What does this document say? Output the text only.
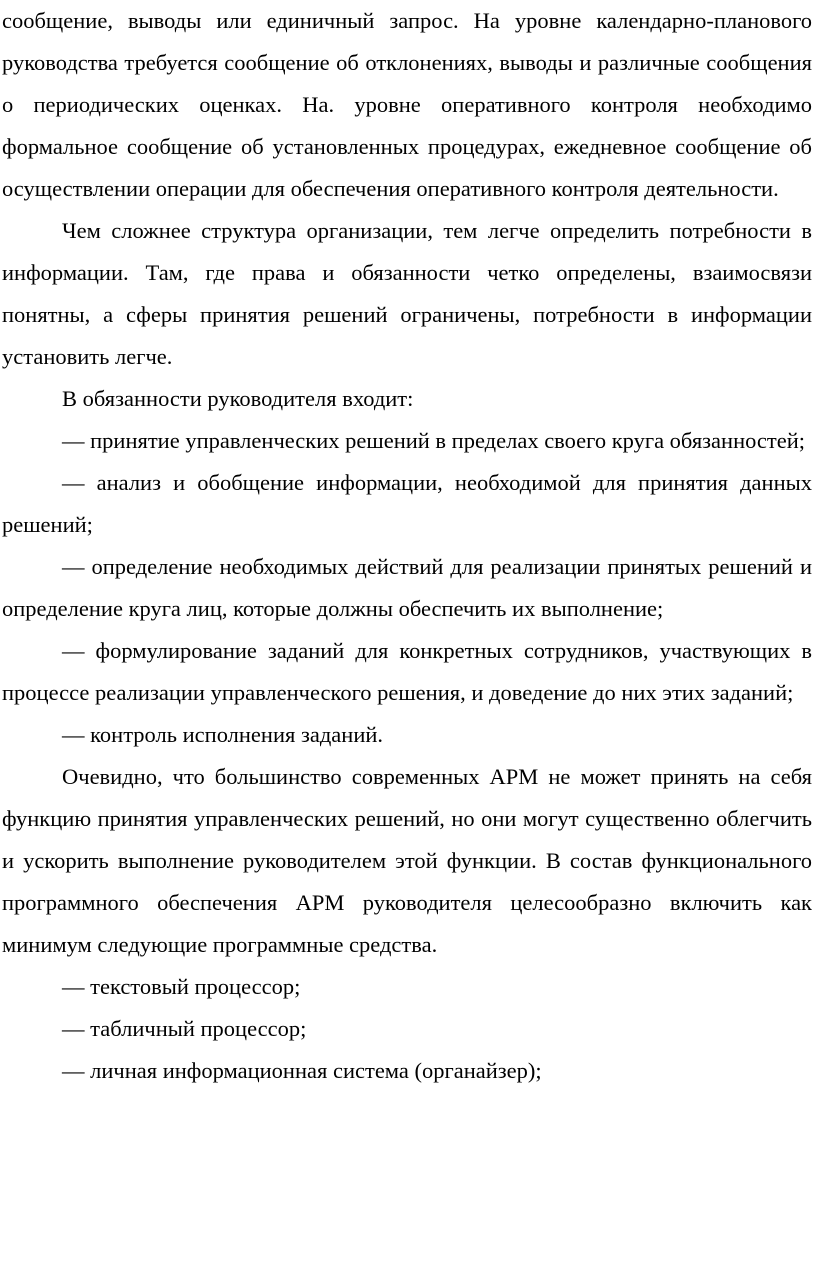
сообщение, выводы или единичный запрос. На уровне календарно-планового руководства требуется сообщение об отклонениях, выводы и различные сообщения о периодических оценках. На. уровне оперативного контроля необходимо формальное сообщение об установленных процедурах, ежедневное сообщение об осуществлении операции для обеспечения оперативного контроля деятельности.

Чем сложнее структура организации, тем легче определить потребности в информации. Там, где права и обязанности четко определены, взаимосвязи понятны, а сферы принятия решений ограничены, потребности в информации установить легче.

В обязанности руководителя входит:

— принятие управленческих решений в пределах своего круга обязанностей;

— анализ и обобщение информации, необходимой для принятия данных решений;

— определение необходимых действий для реализации принятых решений и определение круга лиц, которые должны обеспечить их выполнение;

— формулирование заданий для конкретных сотрудников, участвующих в процессе реализации управленческого решения, и доведение до них этих заданий;

— контроль исполнения заданий.

Очевидно, что большинство современных АРМ не может принять на себя функцию принятия управленческих решений, но они могут существенно облегчить и ускорить выполнение руководителем этой функции. В состав функционального программного обеспечения АРМ руководителя целесообразно включить как минимум следующие программные средства.

— текстовый процессор;

— табличный процессор;

— личная информационная система (органайзер);
